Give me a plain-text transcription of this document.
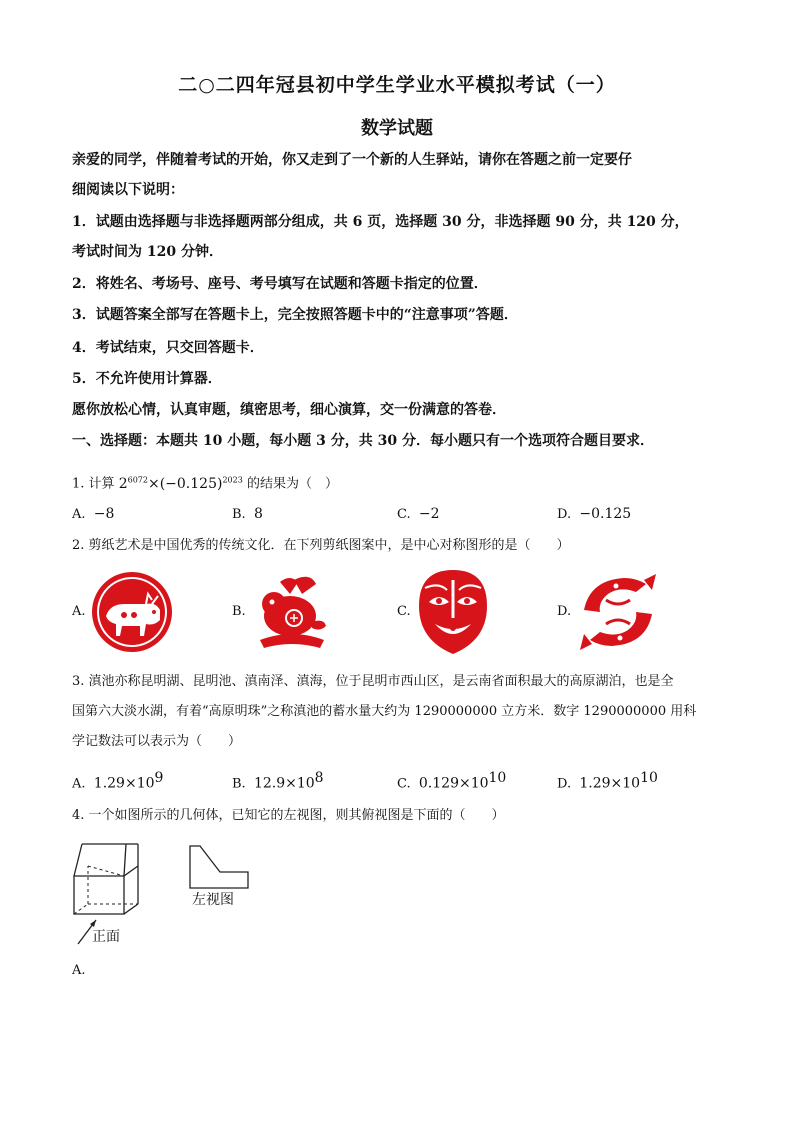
二○二四年冠县初中学生学业水平模拟考试（一）
数学试题
亲爱的同学，伴随着考试的开始，你又走到了一个新的人生驿站，请你在答题之前一定要仔
细阅读以下说明：
1．试题由选择题与非选择题两部分组成，共 6 页，选择题 30 分，非选择题 90 分，共 120 分，
考试时间为 120 分钟．
2．将姓名、考场号、座号、考号填写在试题和答题卡指定的位置．
3．试题答案全部写在答题卡上，完全按照答题卡中的“注意事项”答题．
4．考试结束，只交回答题卡．
5．不允许使用计算器．
愿你放松心情，认真审题，缜密思考，细心演算，交一份满意的答卷．
一、选择题：本题共 10 小题，每小题 3 分，共 30 分．每小题只有一个选项符合题目要求．
1. 计算 $2^{6072}\times(-0.125)^{2023}$ 的结果为（　）
A. −8	B. 8	C. −2	D. −0.125
2. 剪纸艺术是中国优秀的传统文化．在下列剪纸图案中，是中心对称图形的是（　　）
A.	B.	C.	D.
3. 滇池亦称昆明湖、昆明池、滇南泽、滇海，位于昆明市西山区，是云南省面积最大的高原湖泊，也是全
国第六大淡水湖，有着“高原明珠”之称滇池的蓄水量大约为 1290000000 立方米．数字 1290000000 用科
学记数法可以表示为（　　）
A. $1.29\times 10^9$	B. $12.9\times 10^8$	C. $0.129\times 10^{10}$	D. $1.29\times 10^{10}$
4. 一个如图所示的几何体，已知它的左视图，则其俯视图是下面的（　　）
左视图
正面
A.
